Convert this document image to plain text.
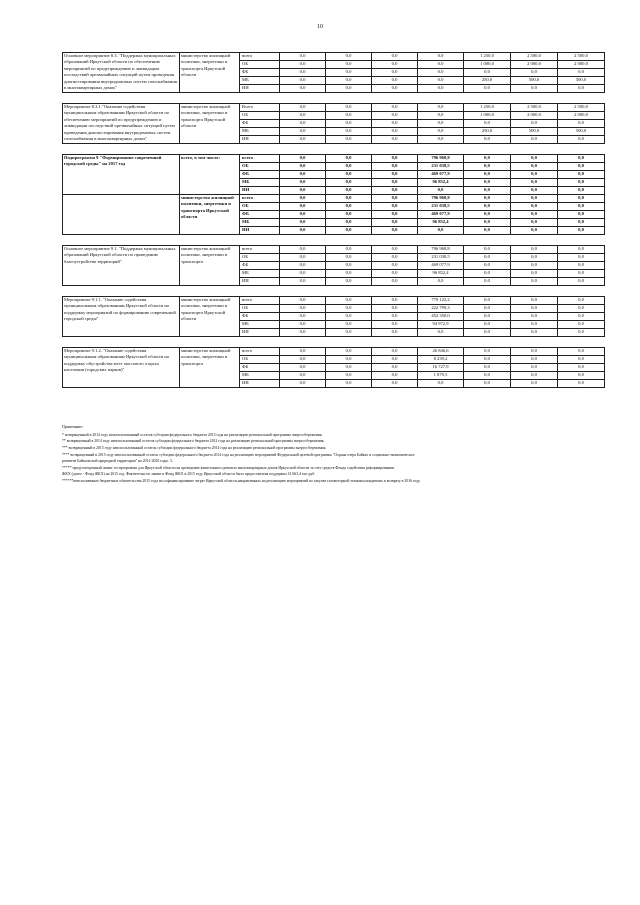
10
Основное мероприятие 8.3. "Поддержка муниципальных образований Иркутской области по обеспечению мероприятий по предупреждению и ликвидации последствий чрезвычайных ситуаций путем проведения диагностирования внутридомовых систем газоснабжения в многоквартирных домах"	министерство жилищной политики, энергетики и транспорта Иркутской области	всего	0,0	0,0	0,0	0,0	1 250,0	2 500,0	2 500,0
		ОБ	0,0	0,0	0,0	0,0	1 000,0	2 000,0	2 000,0
		ФБ	0,0	0,0	0,0	0,0	0,0	0,0	0,0
		МБ	0,0	0,0	0,0	0,0	250,0	500,0	500,0
		ИИ	0,0	0,0	0,0	0,0	0,0	0,0	0,0

Мероприятие 8.3.1."Оказание содействия муниципальным образованиям Иркутской области по обеспечению мероприятий по предупреждению и ликвидации последствий чрезвычайных ситуаций путем проведения диагностирования внутридомовых систем газоснабжения в многоквартирных домах"	министерство жилищной политики, энергетики и транспорта Иркутской области	Всего	0,0	0,0	0,0	0,0	1 250,0	2 500,0	2 500,0
		ОБ	0,0	0,0	0,0	0,0	1 000,0	2 000,0	2 000,0
		ФБ	0,0	0,0	0,0	0,0	0,0	0,0	0,0
		МБ	0,0	0,0	0,0	0,0	250,0	500,0	500,0
		ИИ	0,0	0,0	0,0	0,0	0,0	0,0	0,0

Подпрограмма 9 "Формирование современной городской среды" на 2017 год	всего, в том числе:	всего	0,0	0,0	0,0	796 968,8	0,0	0,0	0,0
		ОБ	0,0	0,0	0,0	231 038,5	0,0	0,0	0,0
		ФБ	0,0	0,0	0,0	469 077,9	0,0	0,0	0,0
		МБ	0,0	0,0	0,0	96 852,4	0,0	0,0	0,0
		ИИ	0,0	0,0	0,0	0,0	0,0	0,0	0,0
	министерство жилищной политики, энергетики и транспорта Иркутской области	всего	0,0	0,0	0,0	796 968,8	0,0	0,0	0,0
		ОБ	0,0	0,0	0,0	231 038,5	0,0	0,0	0,0
		ФБ	0,0	0,0	0,0	469 077,9	0,0	0,0	0,0
		МБ	0,0	0,0	0,0	96 852,4	0,0	0,0	0,0
		ИИ	0,0	0,0	0,0	0,0	0,0	0,0	0,0

Основное мероприятие 9.1. "Поддержка муниципальных образований Иркутской области по проведению благоустройства территорий"	министерство жилищной политики, энергетики и транспорта	всего	0,0	0,0	0,0	796 968,8	0,0	0,0	0,0
		ОБ	0,0	0,0	0,0	231 038,5	0,0	0,0	0,0
		ФБ	0,0	0,0	0,0	469 077,9	0,0	0,0	0,0
		МБ	0,0	0,0	0,0	96 852,4	0,0	0,0	0,0
		ИИ	0,0	0,0	0,0	0,0	0,0	0,0	0,0

Мероприятие 9.1.1. "Оказание содействия муниципальным образованиям Иркутской области на поддержку мероприятий по формированию современной городской среды"	министерство жилищной политики, энергетики и транспорта Иркутской области	всего	0,0	0,0	0,0	770 122,2	0,0	0,0	0,0
		ОБ	0,0	0,0	0,0	222 799,3	0,0	0,0	0,0
		ФБ	0,0	0,0	0,0	452 350,0	0,0	0,0	0,0
		МБ	0,0	0,0	0,0	94 972,9	0,0	0,0	0,0
		ИИ	0,0	0,0	0,0	0,0	0,0	0,0	0,0

Мероприятие 9.1.2. "Оказание содействия муниципальным образованиям Иркутской области на поддержку обустройства мест массового отдыха населения (городских парков)"	министерство жилищной политики, энергетики и транспорта	всего	0,0	0,0	0,0	26 846,6	0,0	0,0	0,0
		ОБ	0,0	0,0	0,0	8 239,2	0,0	0,0	0,0
		ФБ	0,0	0,0	0,0	16 727,9	0,0	0,0	0,0
		МБ	0,0	0,0	0,0	1 879,5	0,0	0,0	0,0
		ИИ	0,0	0,0	0,0	0,0	0,0	0,0	0,0
Примечание:
* возвращенный в 2014 году неиспользованный остаток субсидии федерального бюджета 2013 года на реализацию региональной программы энергосбережения.
** возвращенный в 2014 году неиспользованный остаток субсидии федерального бюджета 2012 года на реализацию региональной программы энергосбережения.
*** возвращенный в 2015 году неиспользованный остаток субсидии федерального бюджета 2014 года на реализацию региональной программы энергосбережения.
**** возвращенный в 2015 году неиспользованный остаток субсидии федерального бюджета 2014 года на реализацию мероприятий Федеральной целевой программы "Охрана озера Байкал и социально-экономическое
развитие Байкальской природной территории" на 2012-2020 годы. 3.
***** предусмотренный лимит госпрограммы для Иркутской области на проведение капитального ремонта многоквартирных домов Иркутской области за счет средств Фонда содействия реформированию
ЖКХ (далее - Фонд ЖКХ) на 2015 год. Фактически по заявке в Фонд ЖКХ в 2015 году Иркутской области была предоставлена поддержка 14 663,4 тыс.руб.
******неисполненные бюджетные обязательства 2015 года на софинансирование затрат Иркутской области,направленных на реализацию мероприятий по закупке газомоторной техники,ожидаемых к возврату в 2016 году.
